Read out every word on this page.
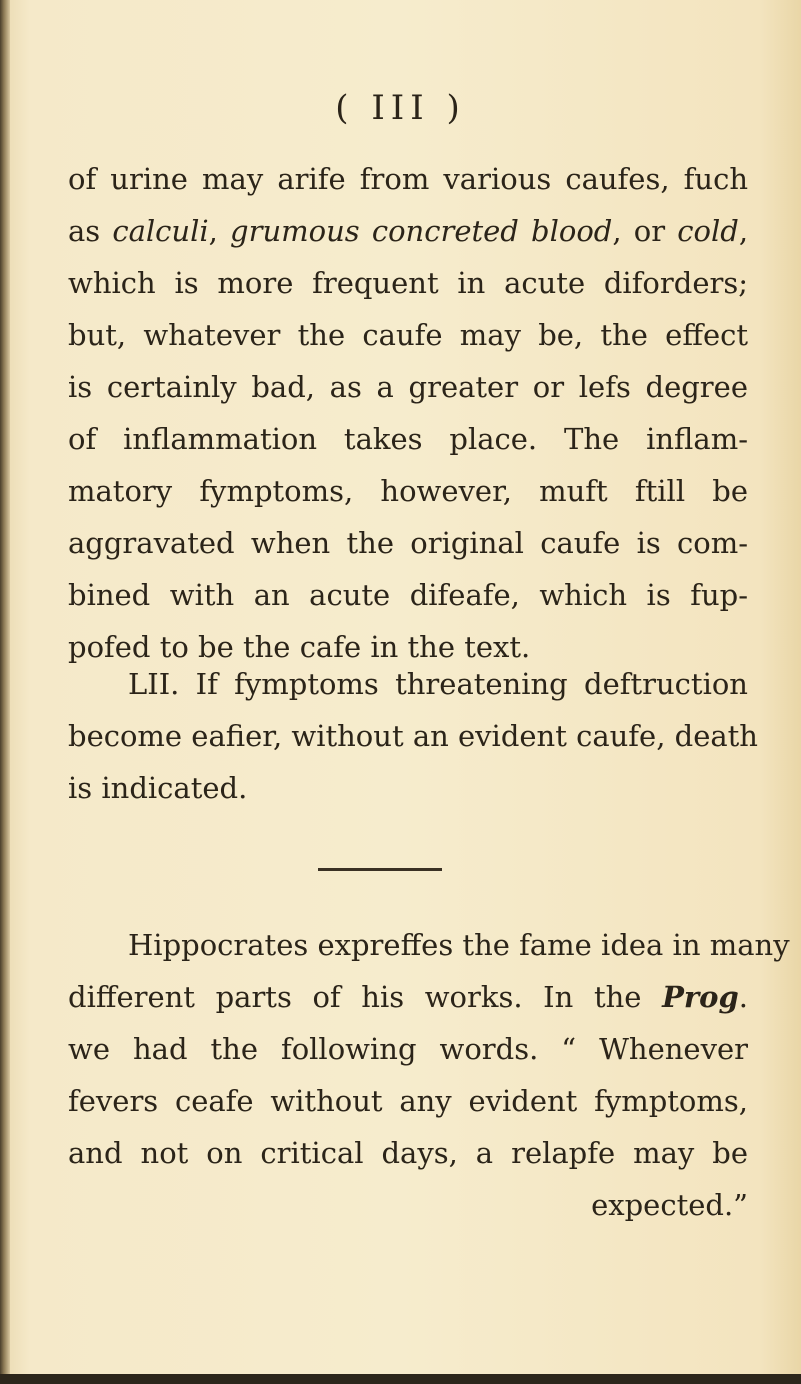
( III )
of urine may arife from various caufes, fuch
as calculi, grumous concreted blood, or cold,
which is more frequent in acute diforders;
but, whatever the caufe may be, the effect
is certainly bad, as a greater or lefs degree
of inflammation takes place. The inflam-
matory fymptoms, however, muft ftill be
aggravated when the original caufe is com-
bined with an acute difeafe, which is fup-
pofed to be the cafe in the text.
LII. If fymptoms threatening deftruction
become eafier, without an evident caufe, death
is indicated.
Hippocrates expreffes the fame idea in many
different parts of his works. In the Prog.
we had the following words. “ Whenever
fevers ceafe without any evident fymptoms,
and not on critical days, a relapfe may be
expected.”
